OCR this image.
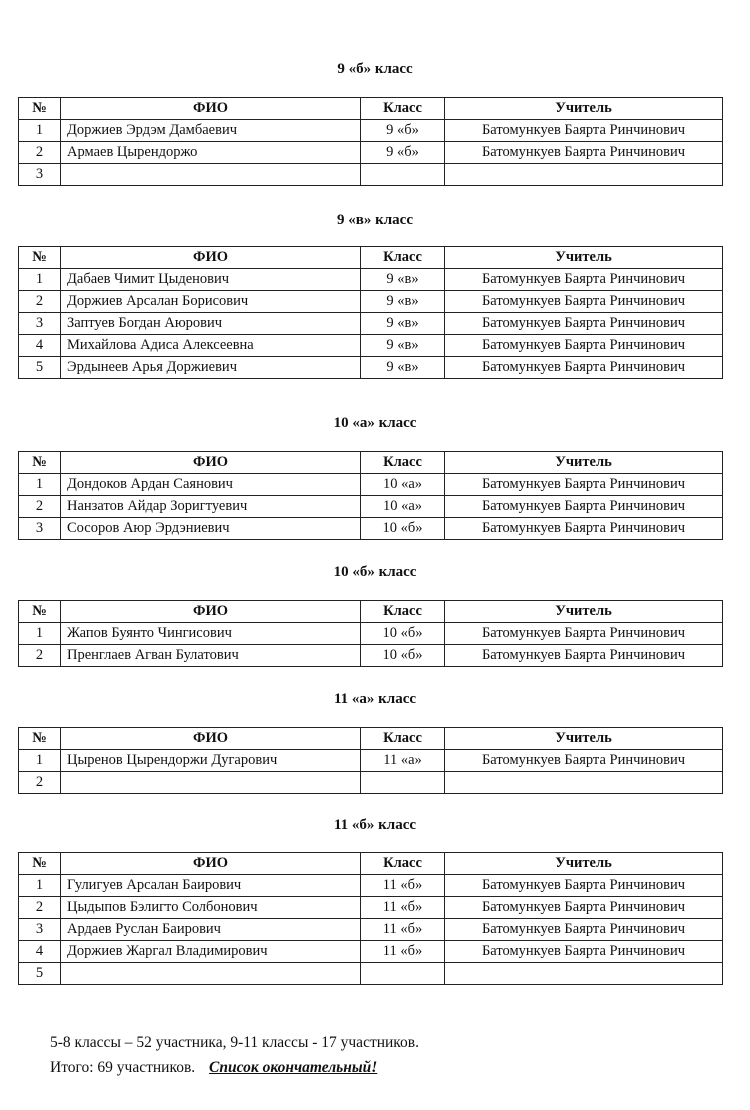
9 «б» класс
№	ФИО	Класс	Учитель
1	Доржиев Эрдэм Дамбаевич	9 «б»	Батомункуев Баярта Ринчинович
2	Армаев Цырендоржо	9 «б»	Батомункуев Баярта Ринчинович
3			
9 «в» класс
№	ФИО	Класс	Учитель
1	Дабаев Чимит Цыденович	9 «в»	Батомункуев Баярта Ринчинович
2	Доржиев Арсалан Борисович	9 «в»	Батомункуев Баярта Ринчинович
3	Заптуев Богдан Аюрович	9 «в»	Батомункуев Баярта Ринчинович
4	Михайлова Адиса Алексеевна	9 «в»	Батомункуев Баярта Ринчинович
5	Эрдынеев Арья Доржиевич	9 «в»	Батомункуев Баярта Ринчинович
10 «а» класс
№	ФИО	Класс	Учитель
1	Дондоков Ардан Саянович	10 «а»	Батомункуев Баярта Ринчинович
2	Нанзатов Айдар Зоригтуевич	10 «а»	Батомункуев Баярта Ринчинович
3	Сосоров Аюр Эрдэниевич	10 «б»	Батомункуев Баярта Ринчинович
10 «б» класс
№	ФИО	Класс	Учитель
1	Жапов Буянто Чингисович	10 «б»	Батомункуев Баярта Ринчинович
2	Пренглаев Агван Булатович	10 «б»	Батомункуев Баярта Ринчинович
11 «а» класс
№	ФИО	Класс	Учитель
1	Цыренов Цырендоржи Дугарович	11 «а»	Батомункуев Баярта Ринчинович
2			
11 «б» класс
№	ФИО	Класс	Учитель
1	Гулигуев Арсалан Баирович	11 «б»	Батомункуев Баярта Ринчинович
2	Цыдыпов Бэлигто Солбонович	11 «б»	Батомункуев Баярта Ринчинович
3	Ардаев Руслан Баирович	11 «б»	Батомункуев Баярта Ринчинович
4	Доржиев Жаргал Владимирович	11 «б»	Батомункуев Баярта Ринчинович
5			
5-8 классы – 52 участника, 9-11 классы - 17 участников.
Итого: 69 участников. Список окончательный!
